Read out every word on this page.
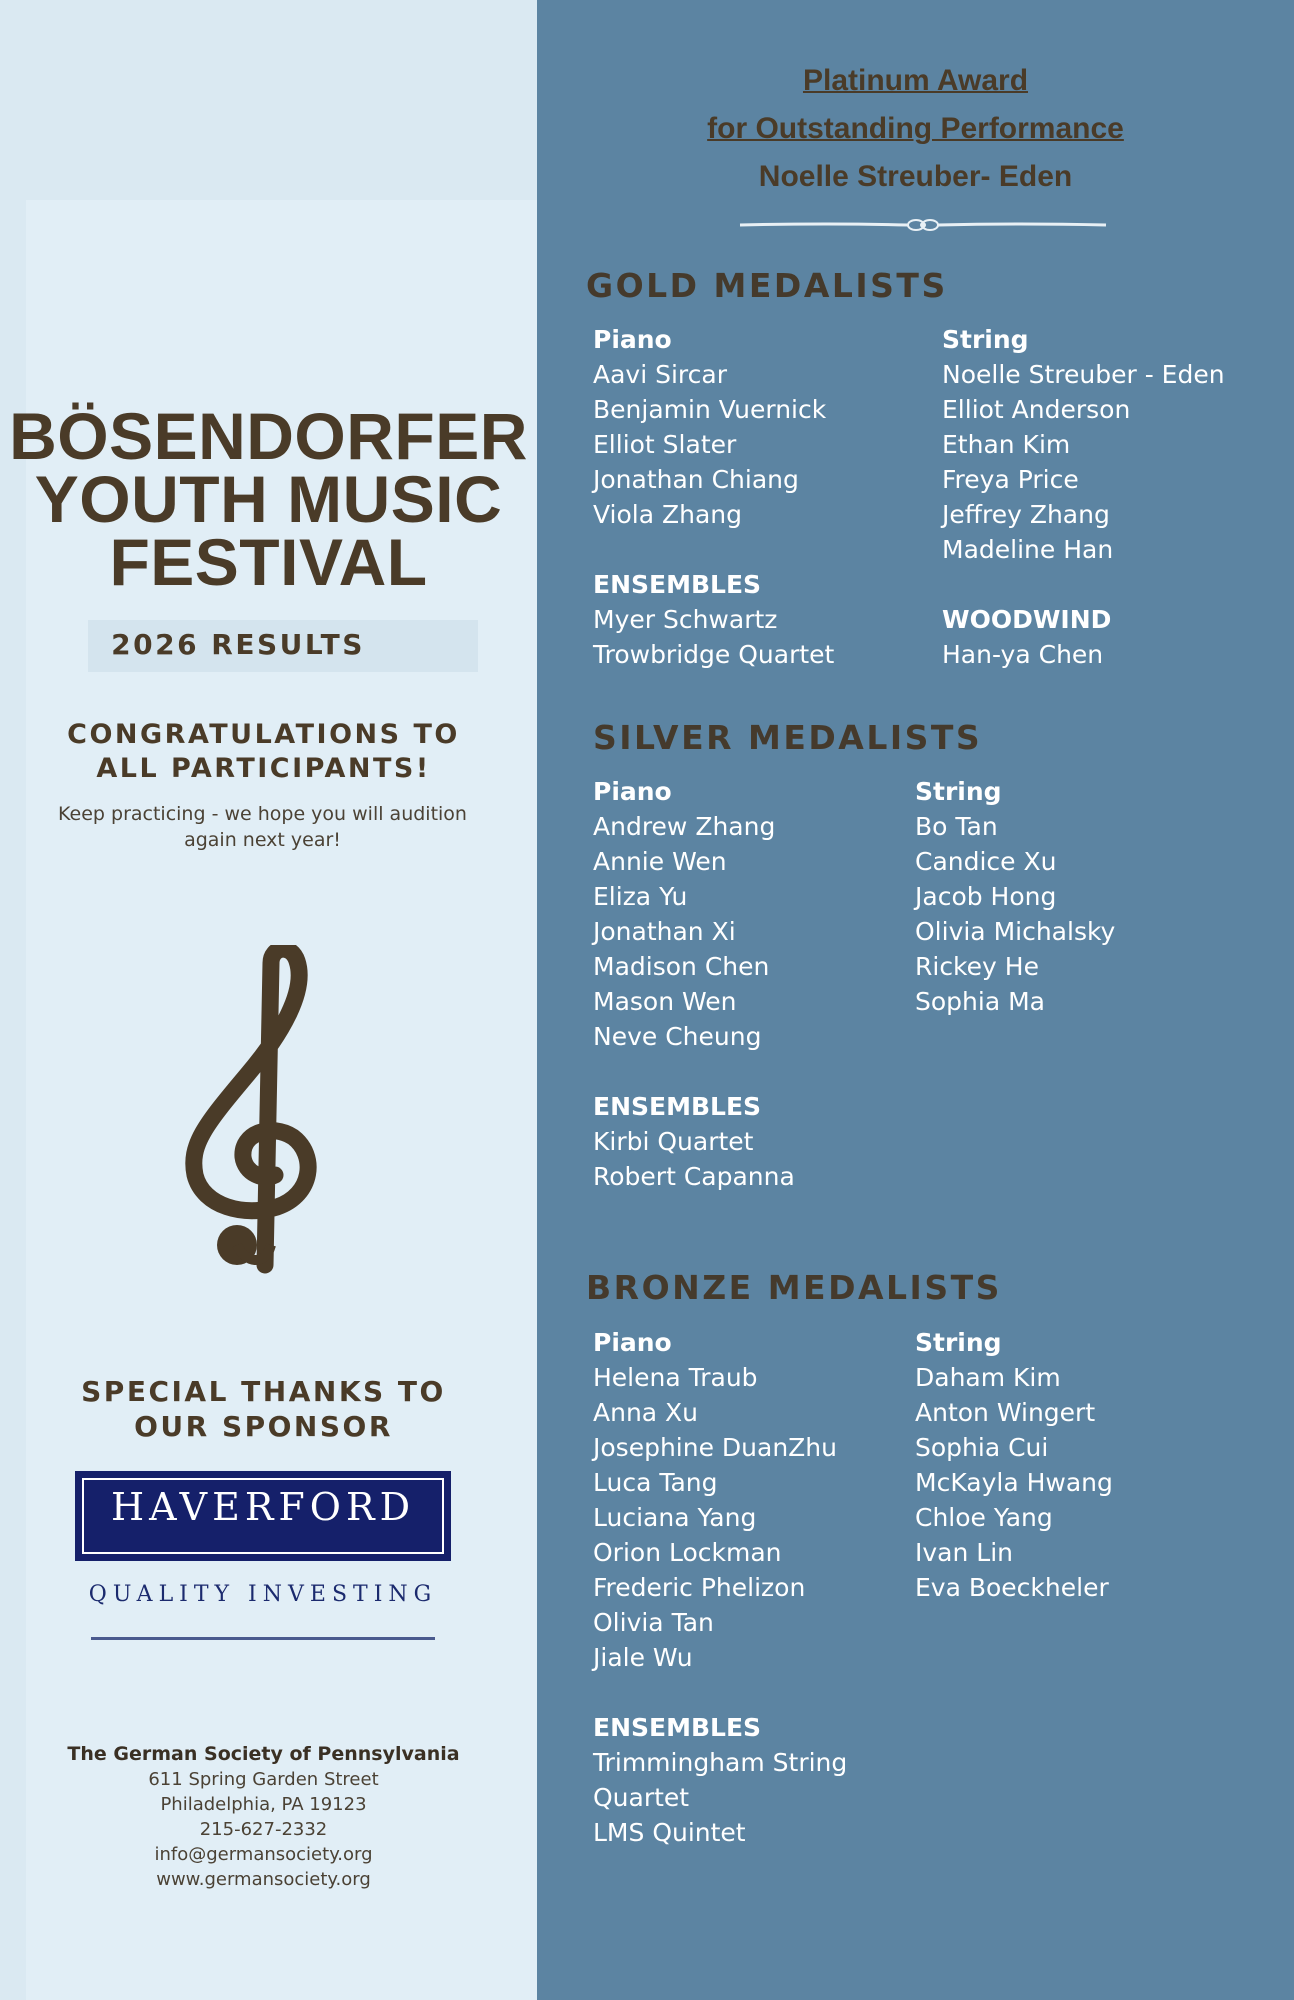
BÖSENDORFER
YOUTH MUSIC
FESTIVAL
2026 RESULTS
CONGRATULATIONS TO
ALL PARTICIPANTS!
Keep practicing - we hope you will audition
again next year!
SPECIAL THANKS TO
OUR SPONSOR
HAVERFORD
QUALITY INVESTING
The German Society of Pennsylvania
611 Spring Garden Street
Philadelphia, PA 19123
215-627-2332
info@germansociety.org
www.germansociety.org
Platinum Award
for Outstanding Performance
Noelle Streuber- Eden
GOLD MEDALISTS
Piano
Aavi Sircar
Benjamin Vuernick
Elliot Slater
Jonathan Chiang
Viola Zhang
ENSEMBLES
Myer Schwartz
Trowbridge Quartet
String
Noelle Streuber - Eden
Elliot Anderson
Ethan Kim
Freya Price
Jeffrey Zhang
Madeline Han
WOODWIND
Han-ya Chen
SILVER MEDALISTS
Piano
Andrew Zhang
Annie Wen
Eliza Yu
Jonathan Xi
Madison Chen
Mason Wen
Neve Cheung
ENSEMBLES
Kirbi Quartet
Robert Capanna
String
Bo Tan
Candice Xu
Jacob Hong
Olivia Michalsky
Rickey He
Sophia Ma
BRONZE MEDALISTS
Piano
Helena Traub
Anna Xu
Josephine DuanZhu
Luca Tang
Luciana Yang
Orion Lockman
Frederic Phelizon
Olivia Tan
Jiale Wu
ENSEMBLES
Trimmingham String
Quartet
LMS Quintet
String
Daham Kim
Anton Wingert
Sophia Cui
McKayla Hwang
Chloe Yang
Ivan Lin
Eva Boeckheler
